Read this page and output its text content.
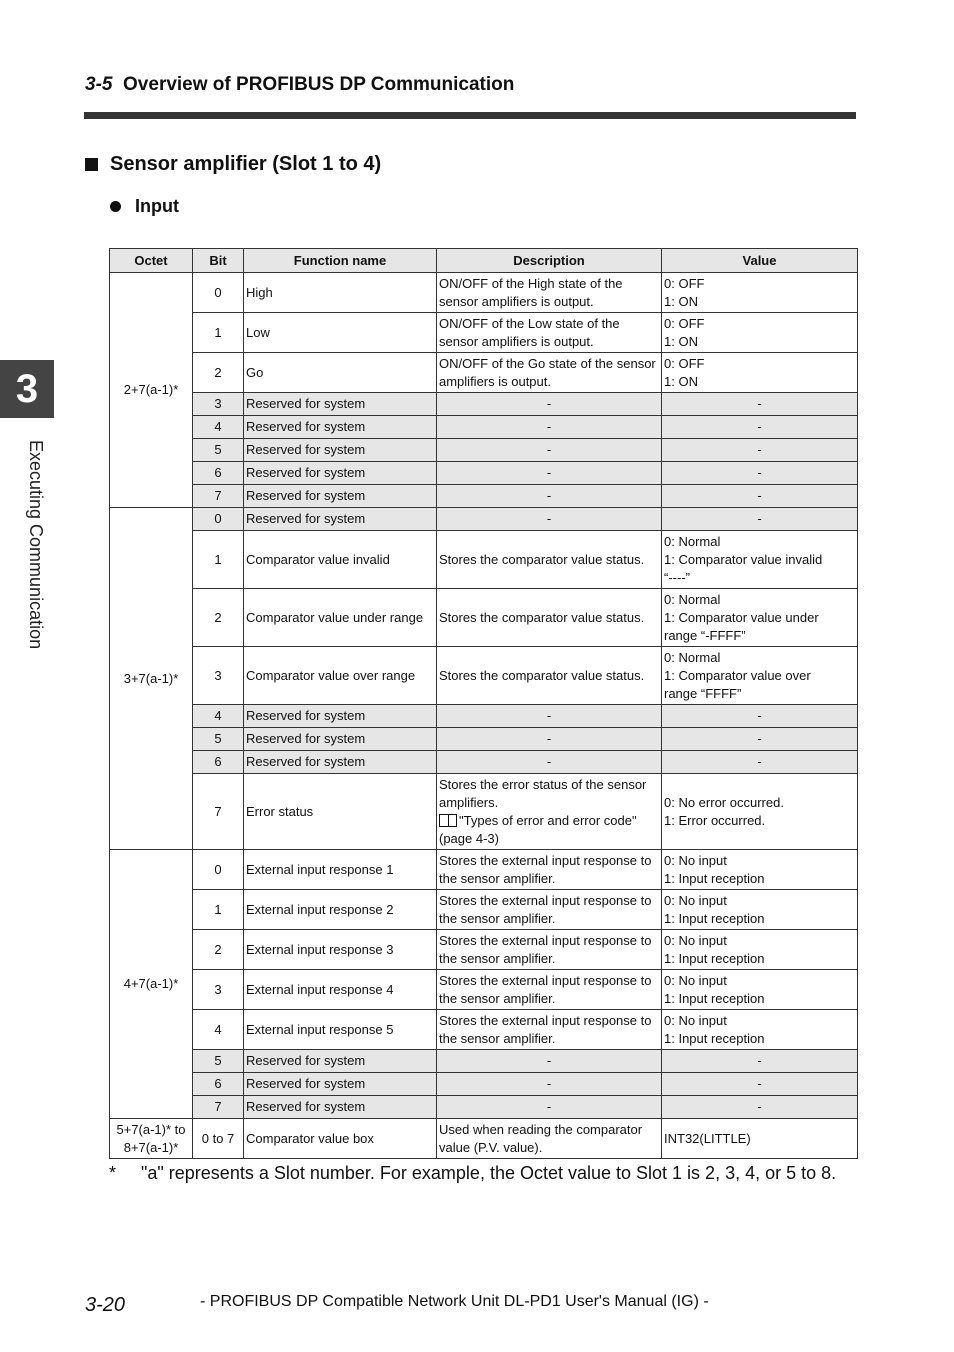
3-5 Overview of PROFIBUS DP Communication
Sensor amplifier (Slot 1 to 4)
Input
3
Executing Communication
Octet	Bit	Function name	Description	Value
2+7(a-1)*	0	High	ON/OFF of the High state of the sensor amplifiers is output.	0: OFF
1: ON

	1	Low	ON/OFF of the Low state of the sensor amplifiers is output.	0: OFF
1: ON

	2	Go	ON/OFF of the Go state of the sensor amplifiers is output.	0: OFF
1: ON

	3	Reserved for system	-	-

	4	Reserved for system	-	-

	5	Reserved for system	-	-

	6	Reserved for system	-	-

	7	Reserved for system	-	-

3+7(a-1)*	0	Reserved for system	-	-

	1	Comparator value invalid	Stores the comparator value status.	0: Normal
1: Comparator value invalid
“----”

	2	Comparator value under range	Stores the comparator value status.	0: Normal
1: Comparator value under
range “-FFFF”

	3	Comparator value over range	Stores the comparator value status.	0: Normal
1: Comparator value over
range “FFFF”

	4	Reserved for system	-	-

	5	Reserved for system	-	-

	6	Reserved for system	-	-

	7	Error status	Stores the error status of the sensor amplifiers.
"Types of error and error code"
(page 4-3)	0: No error occurred.
1: Error occurred.

4+7(a-1)*	0	External input response 1	Stores the external input response to the sensor amplifier.	0: No input
1: Input reception

	1	External input response 2	Stores the external input response to the sensor amplifier.	0: No input
1: Input reception

	2	External input response 3	Stores the external input response to the sensor amplifier.	0: No input
1: Input reception

	3	External input response 4	Stores the external input response to the sensor amplifier.	0: No input
1: Input reception

	4	External input response 5	Stores the external input response to the sensor amplifier.	0: No input
1: Input reception

	5	Reserved for system	-	-

	6	Reserved for system	-	-

	7	Reserved for system	-	-

5+7(a-1)* to 8+7(a-1)*	0 to 7	Comparator value box	Used when reading the comparator value (P.V. value).	INT32(LITTLE)
*	"a" represents a Slot number. For example, the Octet value to Slot 1 is 2, 3, 4, or 5 to 8.
3-20	- PROFIBUS DP Compatible Network Unit DL-PD1 User's Manual (IG) -
